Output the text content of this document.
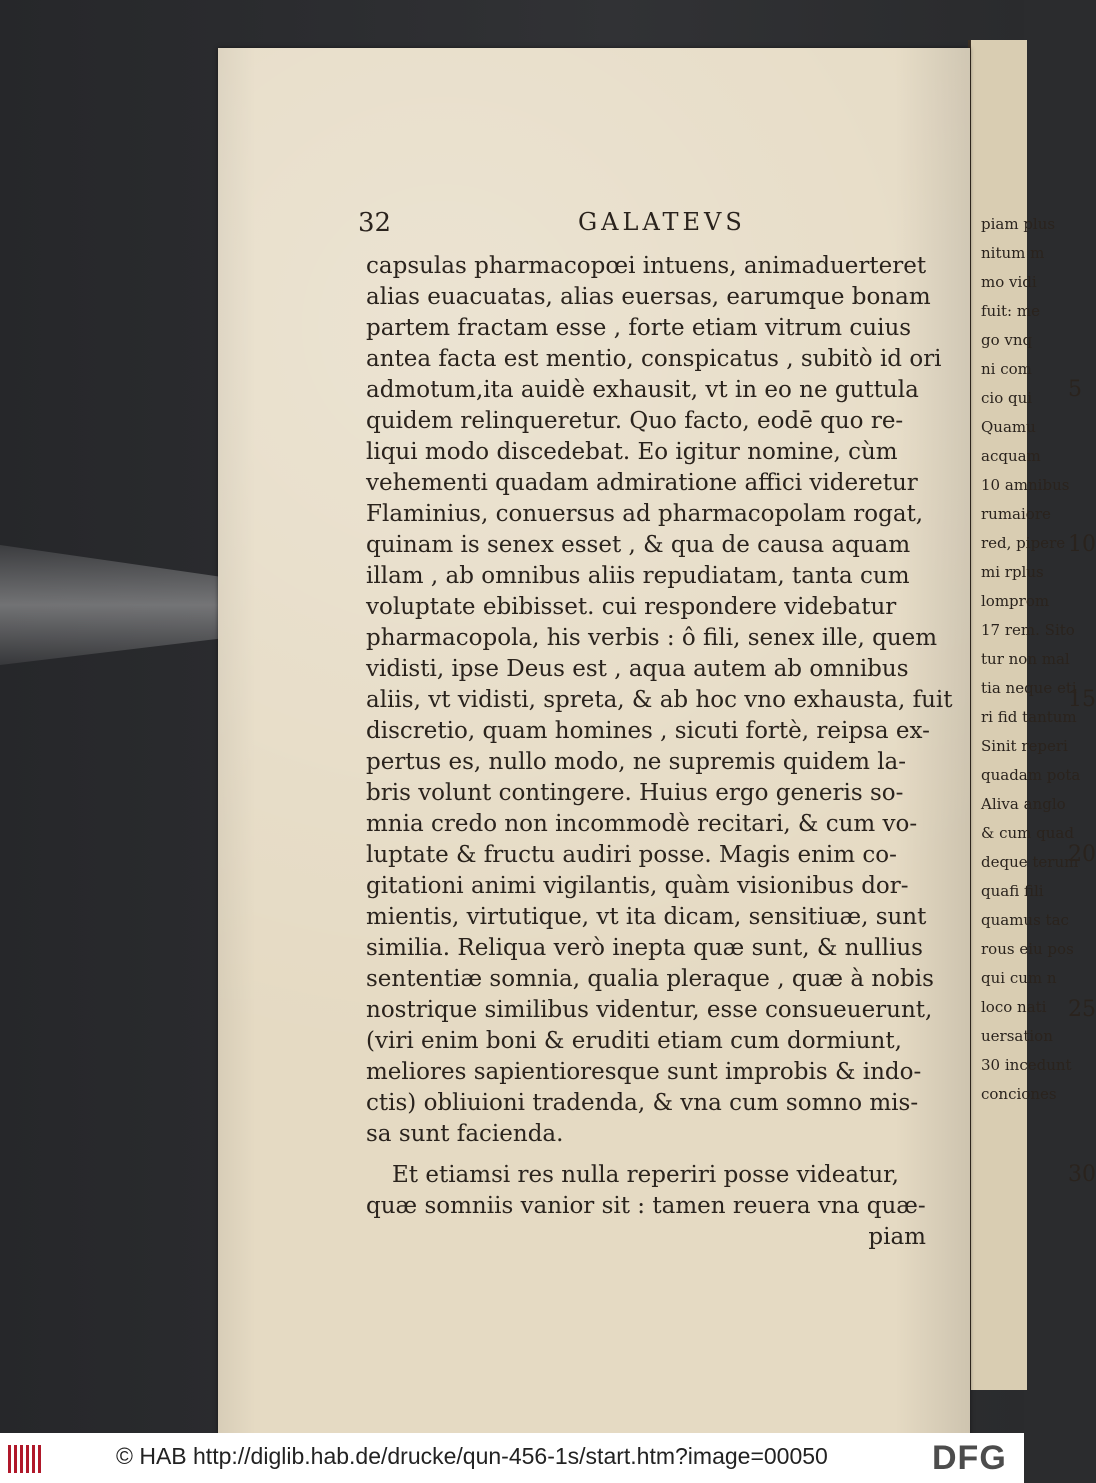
piam plus
nitum m
mo vidi
fuit: me
go vnq
ni com
cio qui
Quamu
acquam
10 amnibus
rumaiore
red, pipere
mi rplus
lomprom
17 rem. Sito
tur non mal
tia neque eti
ri fid tantum
Sinit reperi
quadam pota
Aliva anglo
& cum quad
deque terum
quafi fili
quamus tac
rous eiu pos
qui cum n
loco nati
uersation
30 incedunt
conciones
32	GALATEVS
capsulas pharmacopœi intuens, animaduerteret
alias euacuatas, alias euersas, earumque bonam
partem fractam esse , forte etiam vitrum cuius
antea facta est mentio, conspicatus , subitò id ori
admotum,ita auidè exhausit, vt in eo ne guttula
quidem relinqueretur. Quo facto, eodē quo re-
liqui modo discedebat. Eo igitur nomine, cùm
vehementi quadam admiratione affici videretur
Flaminius, conuersus ad pharmacopolam rogat,
quinam is senex esset , & qua de causa aquam
illam , ab omnibus aliis repudiatam, tanta cum
voluptate ebibisset. cui respondere videbatur
pharmacopola, his verbis : ô fili, senex ille, quem
vidisti, ipse Deus est , aqua autem ab omnibus
aliis, vt vidisti, spreta, & ab hoc vno exhausta, fuit
discretio, quam homines , sicuti fortè, reipsa ex-
pertus es, nullo modo, ne supremis quidem la-
bris volunt contingere. Huius ergo generis so-
mnia credo non incommodè recitari, & cum vo-
luptate & fructu audiri posse. Magis enim co-
gitationi animi vigilantis, quàm visionibus dor-
mientis, virtutique, vt ita dicam, sensitiuæ, sunt
similia. Reliqua verò inepta quæ sunt, & nullius
sententiæ somnia, qualia pleraque , quæ à nobis
nostrique similibus videntur, esse consueuerunt,
(viri enim boni & eruditi etiam cum dormiunt,
meliores sapientioresque sunt improbis & indo-
ctis) obliuioni tradenda, & vna cum somno mis-
sa sunt facienda.
Et etiamsi res nulla reperiri posse videatur,
quæ somniis vanior sit : tamen reuera vna quæ-
piam
5
10
15
20
25
30
© HAB http://diglib.hab.de/drucke/qun-456-1s/start.htm?image=00050	DFG
